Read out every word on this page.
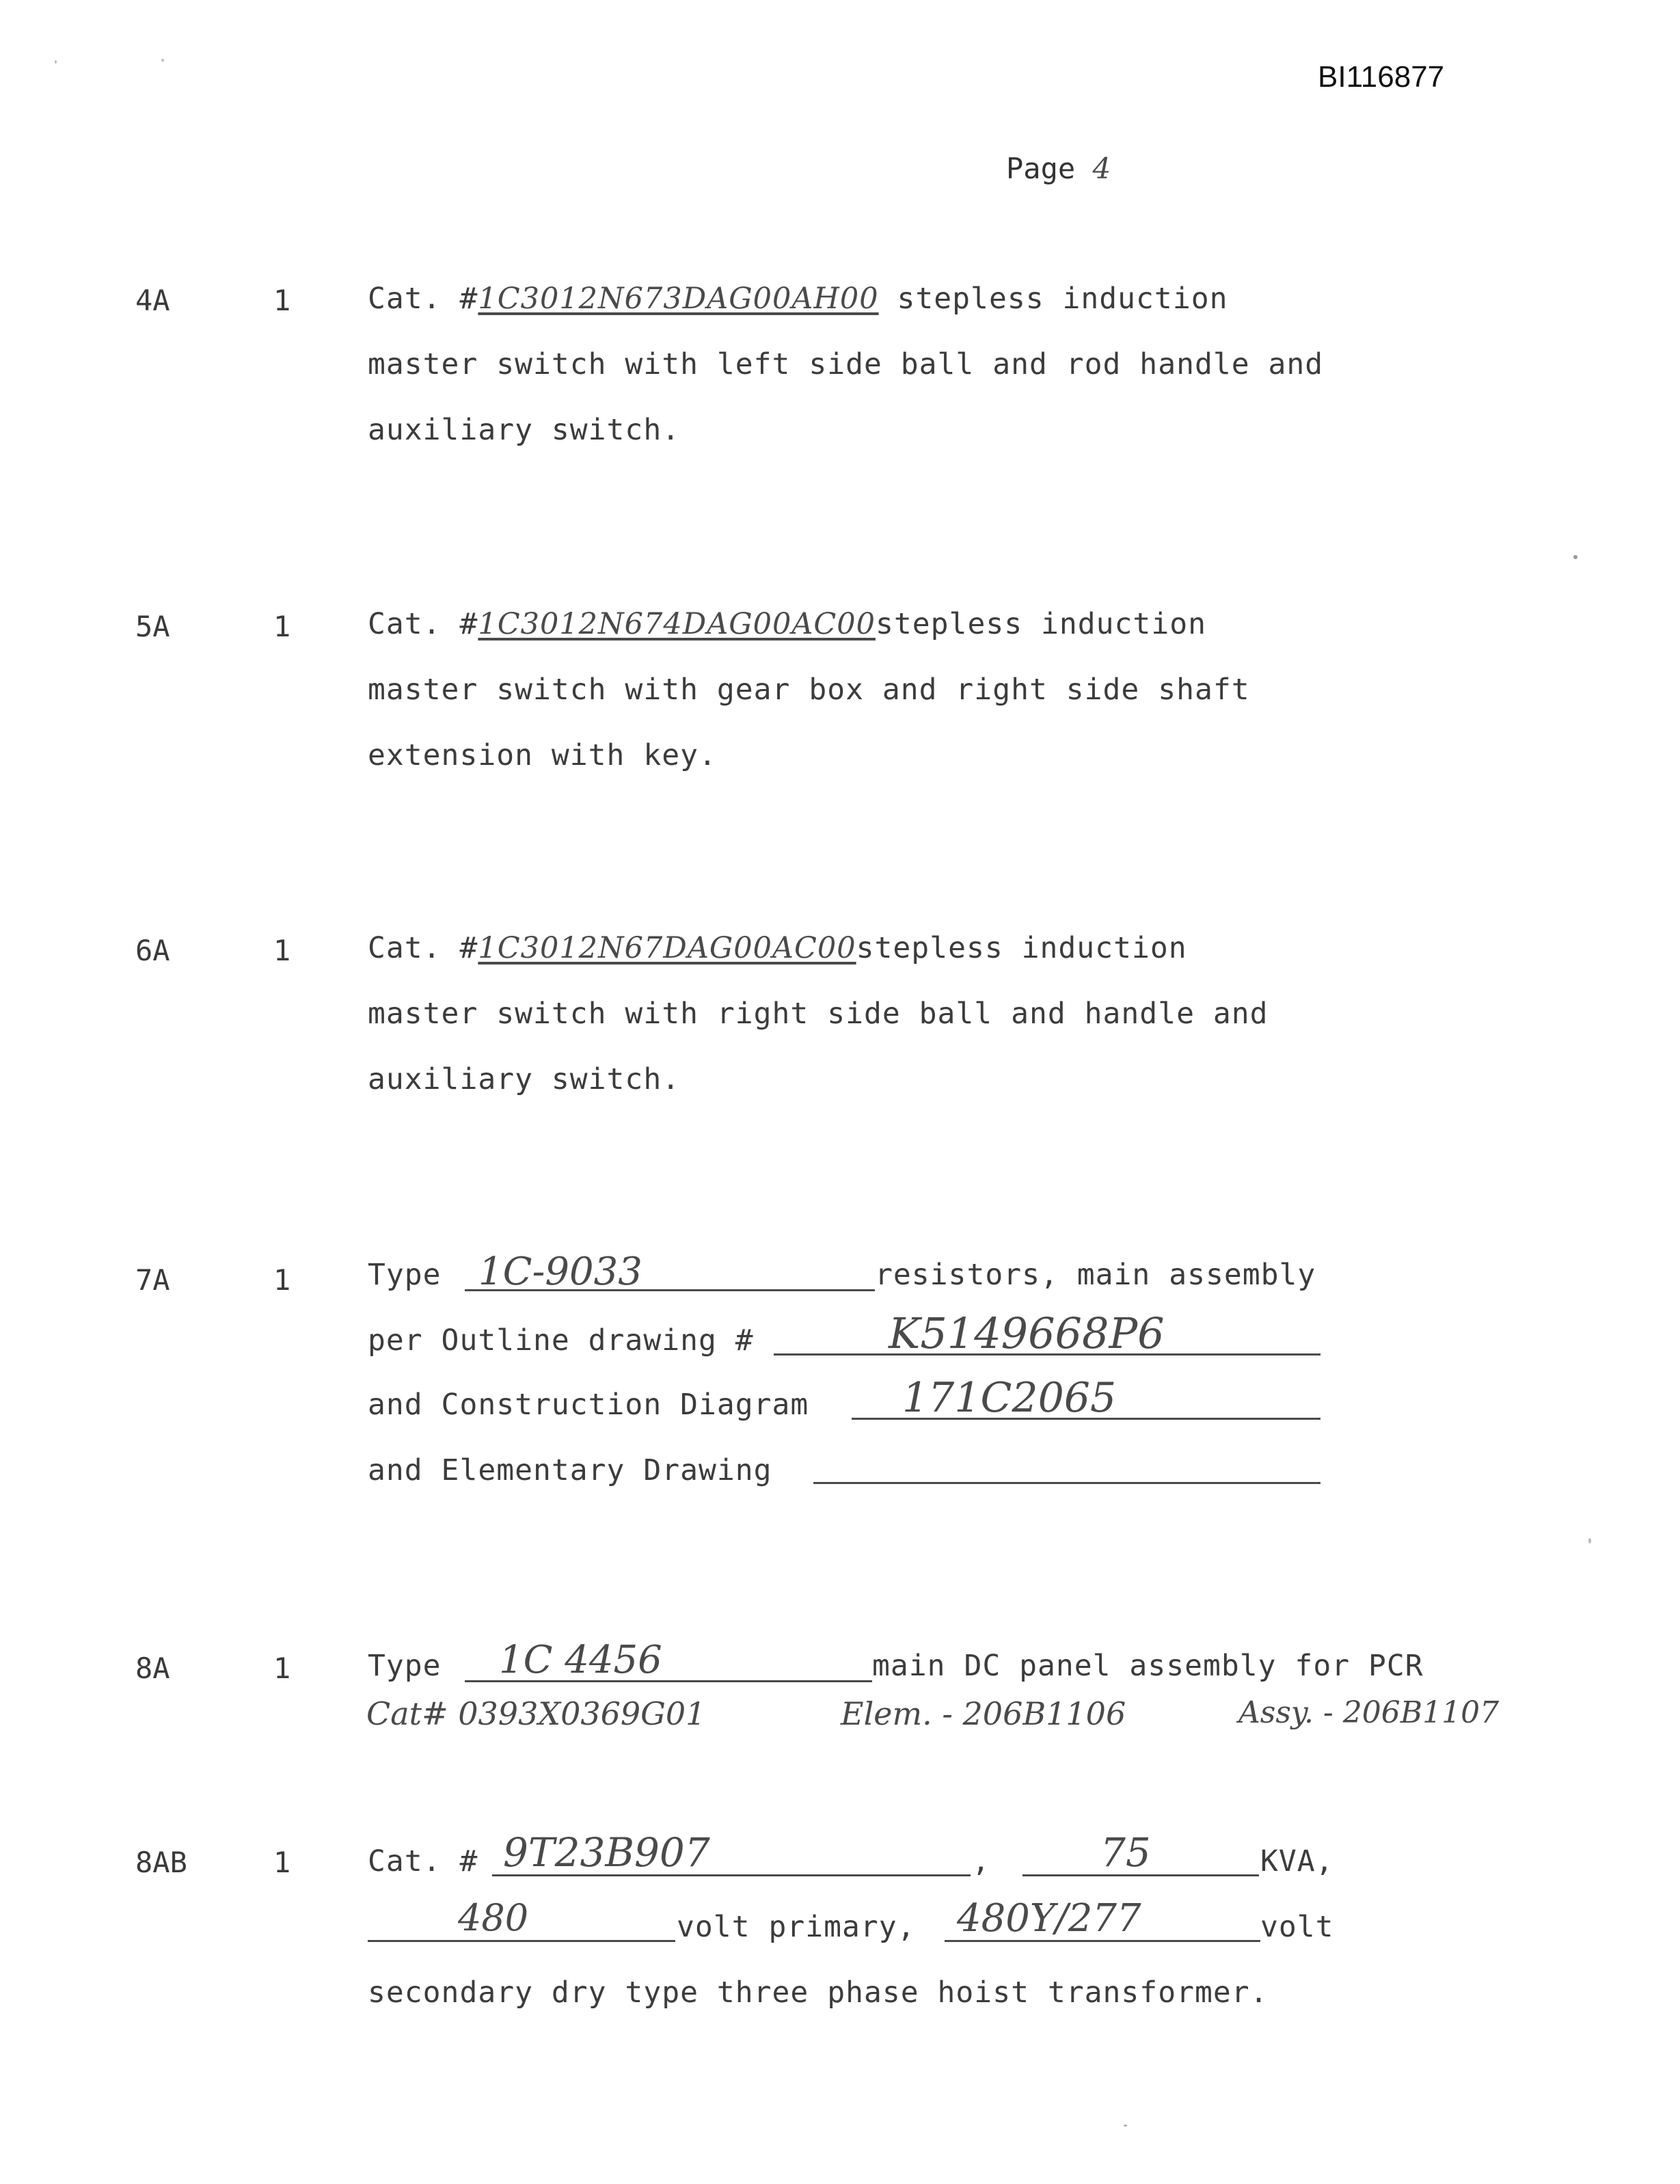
BI116877
Page 4
4A	1	Cat. #1C3012N673DAG00AH00 stepless induction
master switch with left side ball and rod handle and
auxiliary switch.
5A	1	Cat. #1C3012N674DAG00AC00stepless induction
master switch with gear box and right side shaft
extension with key.
6A	1	Cat. #1C3012N67DAG00AC00stepless induction
master switch with right side ball and handle and
auxiliary switch.
7A	1	Type 1C-9033	resistors, main assembly
per Outline drawing #	K5149668P6
and Construction Diagram 171C2065
and Elementary Drawing
8A	1	Type 1C 4456	main DC panel assembly for PCR
Cat# 0393X0369G01	Elem. - 206B1106	Assy. - 206B1107
8AB	1	Cat. # 9T23B907	,	75	KVA,
480	volt primary, 480Y/277	volt
secondary dry type three phase hoist transformer.
